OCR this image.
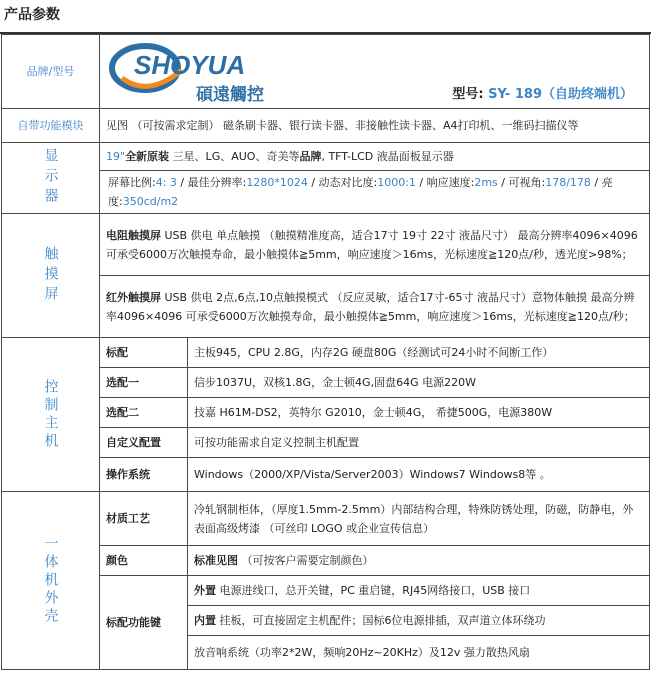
产品参数
品牌/型号	SHOYUA
碩遠觸控 型号: SY- 189（自助终端机）	

自带功能模块	见图 （可按需求定制） 磁条刷卡器、银行读卡器、非接触性读卡器、A4打印机、一维码扫描仪等	

显示器	19"全新原装 三星、LG、AUO、奇美等品牌, TFT-LCD 液晶面板显示器	
	屏幕比例:4: 3 / 最佳分辨率:1280*1024 / 动态对比度:1000:1 / 响应速度:2ms / 可视角:178/178 / 亮度:350cd/m2	

触摸屏	电阻触摸屏 USB 供电 单点触摸 （触摸精准度高，适合17寸 19寸 22寸 液晶尺寸） 最高分辨率4096×4096 可承受6000万次触摸寿命，最小触摸体≧5mm，响应速度＞16ms，光标速度≧120点/秒，透光度>98%；	
	红外触摸屏 USB 供电 2点,6点,10点触摸模式 （反应灵敏，适合17寸-65寸 液晶尺寸）意物体触摸 最高分辨率4096×4096 可承受6000万次触摸寿命，最小触摸体≧5mm，响应速度＞16ms，光标速度≧120点/秒；	

控制主机	标配	主板945，CPU 2.8G，内存2G 硬盘80G（经测试可24小时不间断工作）
	选配一	信步1037U，双核1.8G，金士顿4G,固盘64G 电源220W
	选配二	技嘉 H61M-DS2，英特尔 G2010，金士顿4G， 希捷500G，电源380W
	自定义配置	可按功能需求自定义控制主机配置
	操作系统	Windows（2000/XP/Vista/Server2003）Windows7 Windows8等 。

一体机外壳	材质工艺	冷轧钢制柜体，（厚度1.5mm-2.5mm）内部结构合理，特殊防锈处理，防磁，防静电，外表面高级烤漆 （可丝印 LOGO 或企业宣传信息）
	颜色	标准见图 （可按客户需要定制颜色）
	标配功能键	外置 电源进线口，总开关键，PC 重启键，RJ45网络接口，USB 接口
		内置 挂板，可直接固定主机配件；国标6位电源排插，双声道立体环绕功
		放音响系统（功率2*2W，频响20Hz~20KHz）及12v 强力散热风扇
